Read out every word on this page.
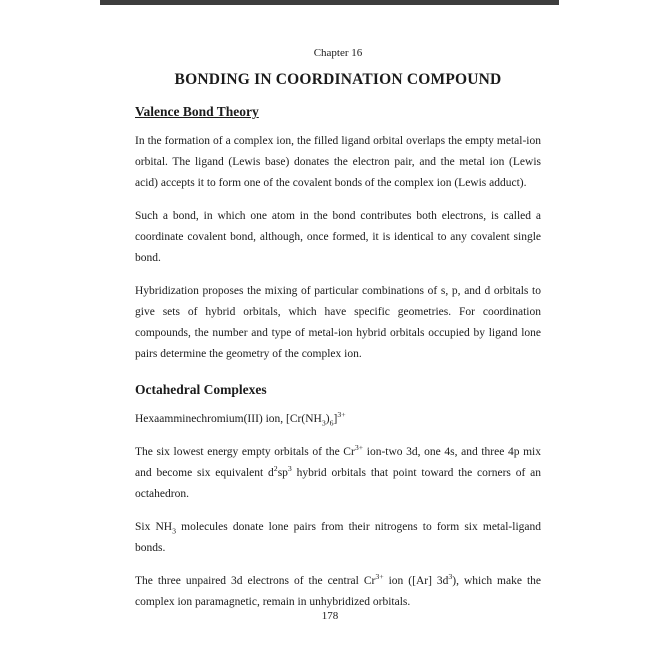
Chapter 16

BONDING IN COORDINATION COMPOUND
Valence Bond Theory

In the formation of a complex ion, the filled ligand orbital overlaps the empty metal-ion orbital. The ligand (Lewis base) donates the electron pair, and the metal ion (Lewis acid) accepts it to form one of the covalent bonds of the complex ion (Lewis adduct).

Such a bond, in which one atom in the bond contributes both electrons, is called a coordinate covalent bond, although, once formed, it is identical to any covalent single bond.

Hybridization proposes the mixing of particular combinations of s, p, and d orbitals to give sets of hybrid orbitals, which have specific geometries. For coordination compounds, the number and type of metal-ion hybrid orbitals occupied by ligand lone pairs determine the geometry of the complex ion.

Octahedral Complexes

Hexaamminechromium(III) ion, $[Cr(NH_3)_6]^{3+}$

The six lowest energy empty orbitals of the $Cr^{3+}$ ion-two 3d, one 4s, and three 4p mix and become six equivalent $d^2sp^3$ hybrid orbitals that point toward the corners of an octahedron.

Six $NH_3$ molecules donate lone pairs from their nitrogens to form six metal-ligand bonds.

The three unpaired 3d electrons of the central $Cr^{3+}$ ion ([Ar] $3d^3$), which make the complex ion paramagnetic, remain in unhybridized orbitals.

178
